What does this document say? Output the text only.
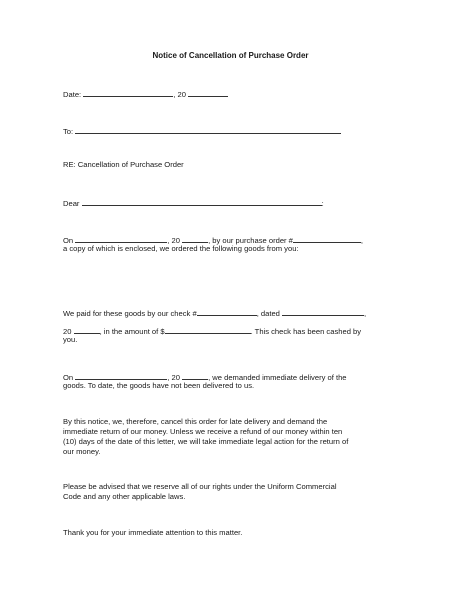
Notice of Cancellation of Purchase Order
Date:	, 20
To:
RE: Cancellation of Purchase Order
Dear	:
On	, 20	, by our purchase order #	,
a copy of which is enclosed, we ordered the following goods from you:
We paid for these goods by our check #	, dated	,
20	, in the amount of $	. This check has been cashed by
you.
On	, 20	, we demanded immediate delivery of the
goods. To date, the goods have not been delivered to us.
By this notice, we, therefore, cancel this order for late delivery and demand the
immediate return of our money. Unless we receive a refund of our money within ten
(10) days of the date of this letter, we will take immediate legal action for the return of
our money.
Please be advised that we reserve all of our rights under the Uniform Commercial
Code and any other applicable laws.
Thank you for your immediate attention to this matter.
